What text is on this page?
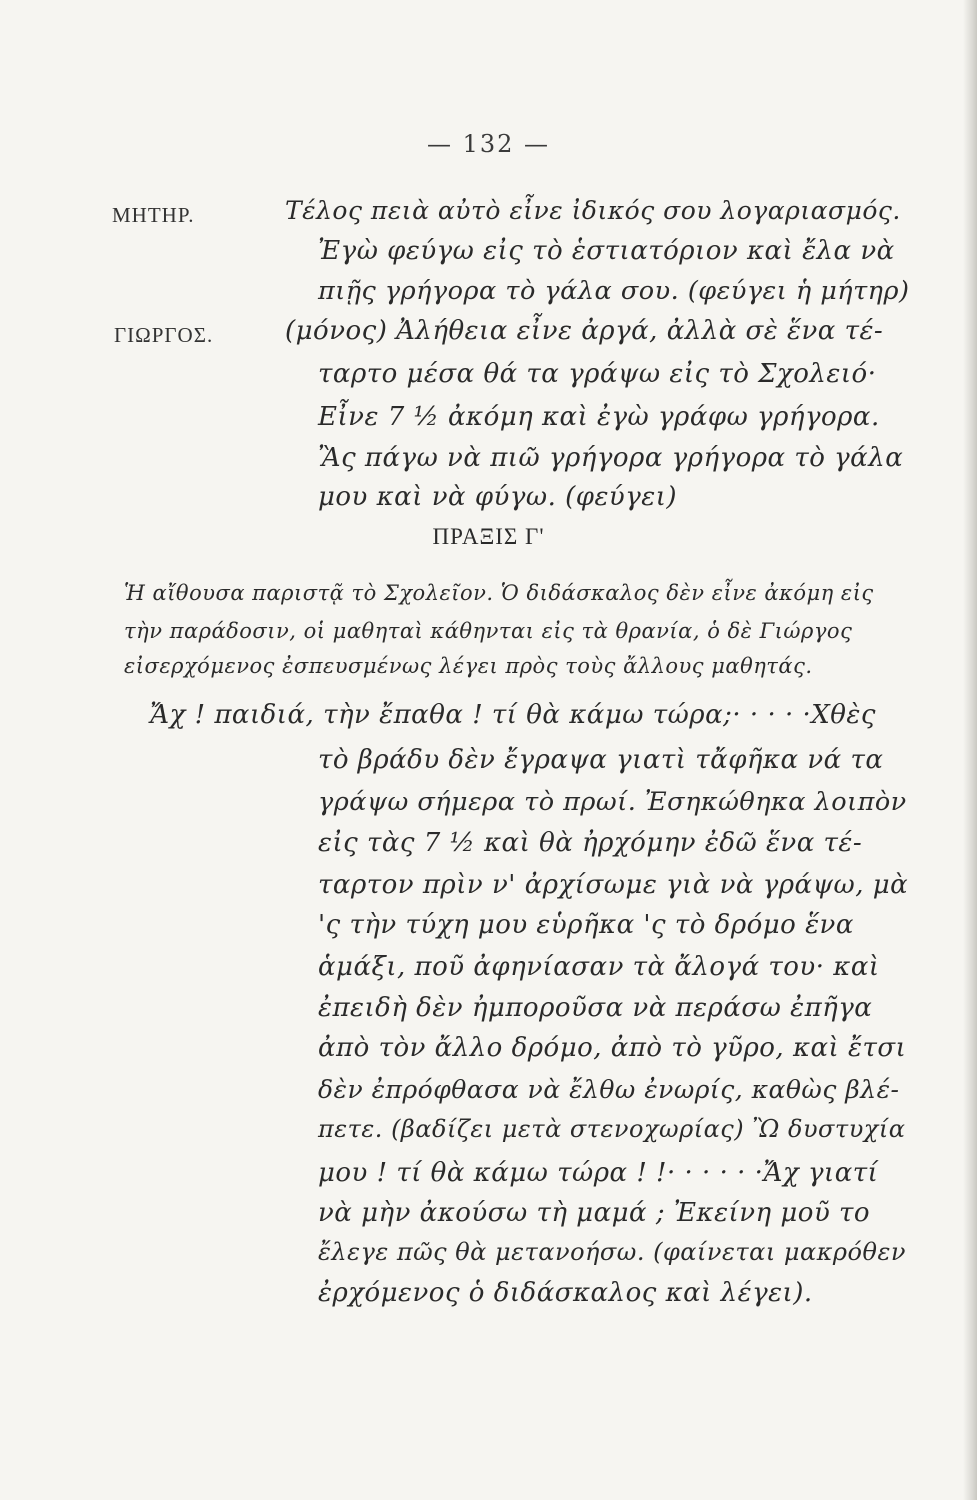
— 132 —
ΜΗΤΗΡ.	Τέλος πειὰ αὐτὸ εἶνε ἰδικός σου λογαριασμός.
Ἐγὼ φεύγω εἰς τὸ ἑστιατόριον καὶ ἔλα νὰ
πιῇς γρήγορα τὸ γάλα σου. (φεύγει ἡ μήτηρ)
ΓΙΩΡΓΟΣ.	(μόνος) Ἀλήθεια εἶνε ἀργά, ἀλλὰ σὲ ἕνα τέ-
ταρτο μέσα θά τα γράψω εἰς τὸ Σχολειό·
Εἶνε 7 ½ ἀκόμη καὶ ἐγὼ γράφω γρήγορα.
Ἂς πάγω νὰ πιῶ γρήγορα γρήγορα τὸ γάλα
μου καὶ νὰ φύγω. (φεύγει)
ΠΡΑΞΙΣ Γ'
Ἡ αἴθουσα παριστᾷ τὸ Σχολεῖον. Ὁ διδάσκαλος δὲν εἶνε ἀκόμη εἰς
τὴν παράδοσιν, οἱ μαθηταὶ κάθηνται εἰς τὰ θρανία, ὁ δὲ Γιώργος
εἰσερχόμενος ἐσπευσμένως λέγει πρὸς τοὺς ἄλλους μαθητάς.
Ἄχ ! παιδιά, τὴν ἔπαθα ! τί θὰ κάμω τώρα;· · · · ·Χθὲς
τὸ βράδυ δὲν ἔγραψα γιατὶ τἄφῆκα νά τα
γράψω σήμερα τὸ πρωί. Ἐσηκώθηκα λοιπὸν
εἰς τὰς 7 ½ καὶ θὰ ἠρχόμην ἐδῶ ἕνα τέ-
ταρτον πρὶν ν' ἀρχίσωμε γιὰ νὰ γράψω, μὰ
'ς τὴν τύχη μου εὑρῆκα 'ς τὸ δρόμο ἕνα
ἁμάξι, ποῦ ἀφηνίασαν τὰ ἄλογά του· καὶ
ἐπειδὴ δὲν ἠμποροῦσα νὰ περάσω ἐπῆγα
ἀπὸ τὸν ἄλλο δρόμο, ἀπὸ τὸ γῦρο, καὶ ἔτσι
δὲν ἐπρόφθασα νὰ ἔλθω ἐνωρίς, καθὼς βλέ-
πετε. (βαδίζει μετὰ στενοχωρίας) Ὢ δυστυχία
μου ! τί θὰ κάμω τώρα ! !· · · · · ·Ἄχ γιατί
νὰ μὴν ἀκούσω τὴ μαμά ; Ἐκείνη μοῦ το
ἔλεγε πῶς θὰ μετανοήσω. (φαίνεται μακρόθεν
ἐρχόμενος ὁ διδάσκαλος καὶ λέγει).
